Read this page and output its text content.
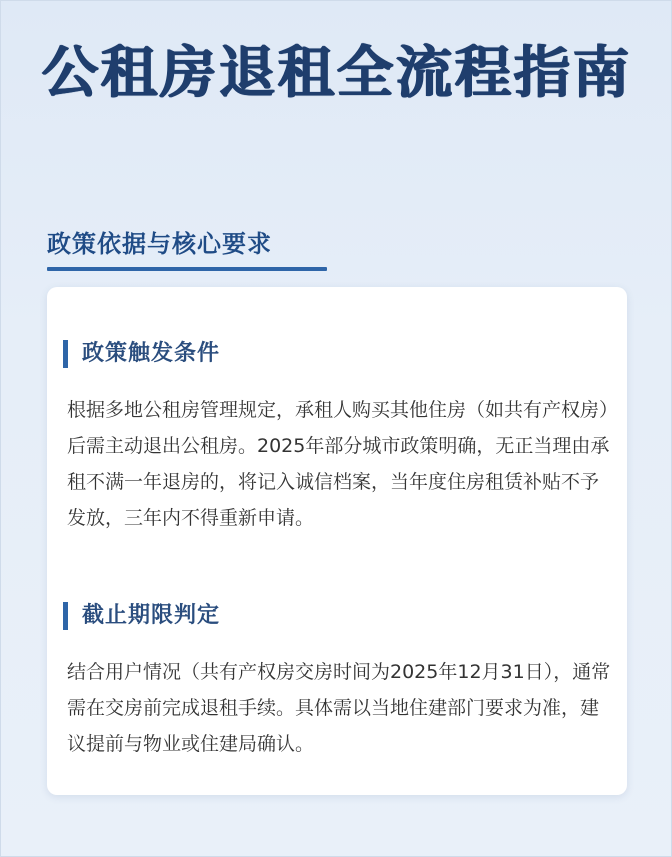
公租房退租全流程指南
政策依据与核心要求
政策触发条件

根据多地公租房管理规定，承租人购买其他住房（如共有产权房）后需主动退出公租房。2025年部分城市政策明确，无正当理由承租不满一年退房的，将记入诚信档案，当年度住房租赁补贴不予发放，三年内不得重新申请。

截止期限判定

结合用户情况（共有产权房交房时间为2025年12月31日），通常需在交房前完成退租手续。具体需以当地住建部门要求为准，建议提前与物业或住建局确认。
